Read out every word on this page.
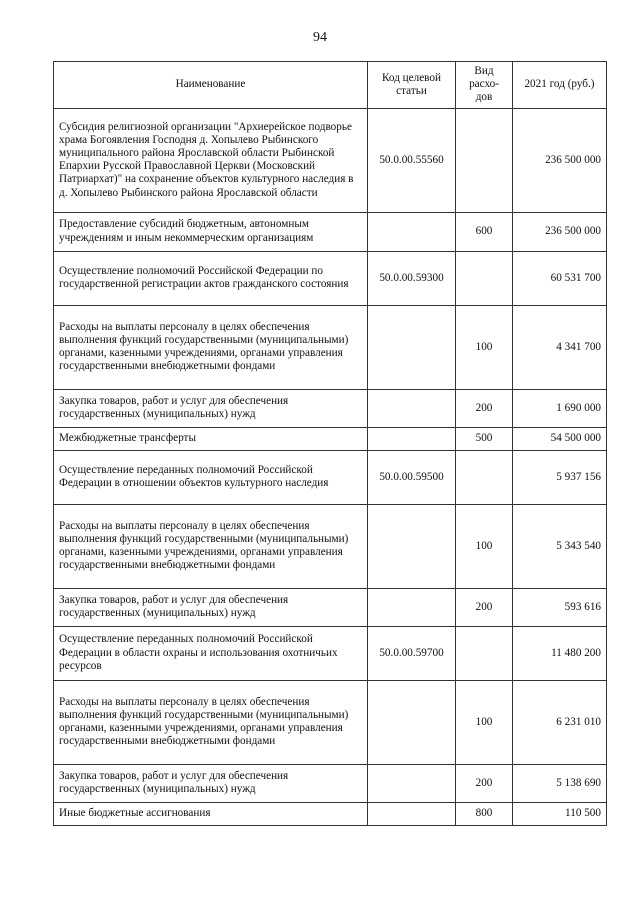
94
Наименование	Код целевой статьи	Вид расхо-дов	2021 год (руб.)
Субсидия религиозной организации "Архиерейское подворье храма Богоявления Господня д. Хопылево Рыбинского муниципального района Ярославской области Рыбинской Епархии Русской Православной Церкви (Московский Патриархат)" на сохранение объектов культурного наследия в д. Хопылево Рыбинского района Ярославской области	50.0.00.55560		236 500 000
Предоставление субсидий бюджетным, автономным учреждениям и иным некоммерческим организациям		600	236 500 000
Осуществление полномочий Российской Федерации по государственной регистрации актов гражданского состояния	50.0.00.59300		60 531 700
Расходы на выплаты персоналу в целях обеспечения выполнения функций государственными (муниципальными) органами, казенными учреждениями, органами управления государственными внебюджетными фондами		100	4 341 700
Закупка товаров, работ и услуг для обеспечения государственных (муниципальных) нужд		200	1 690 000
Межбюджетные трансферты		500	54 500 000
Осуществление переданных полномочий Российской Федерации в отношении объектов культурного наследия	50.0.00.59500		5 937 156
Расходы на выплаты персоналу в целях обеспечения выполнения функций государственными (муниципальными) органами, казенными учреждениями, органами управления государственными внебюджетными фондами		100	5 343 540
Закупка товаров, работ и услуг для обеспечения государственных (муниципальных) нужд		200	593 616
Осуществление переданных полномочий Российской Федерации в области охраны и использования охотничьих ресурсов	50.0.00.59700		11 480 200
Расходы на выплаты персоналу в целях обеспечения выполнения функций государственными (муниципальными) органами, казенными учреждениями, органами управления государственными внебюджетными фондами		100	6 231 010
Закупка товаров, работ и услуг для обеспечения государственных (муниципальных) нужд		200	5 138 690
Иные бюджетные ассигнования		800	110 500
